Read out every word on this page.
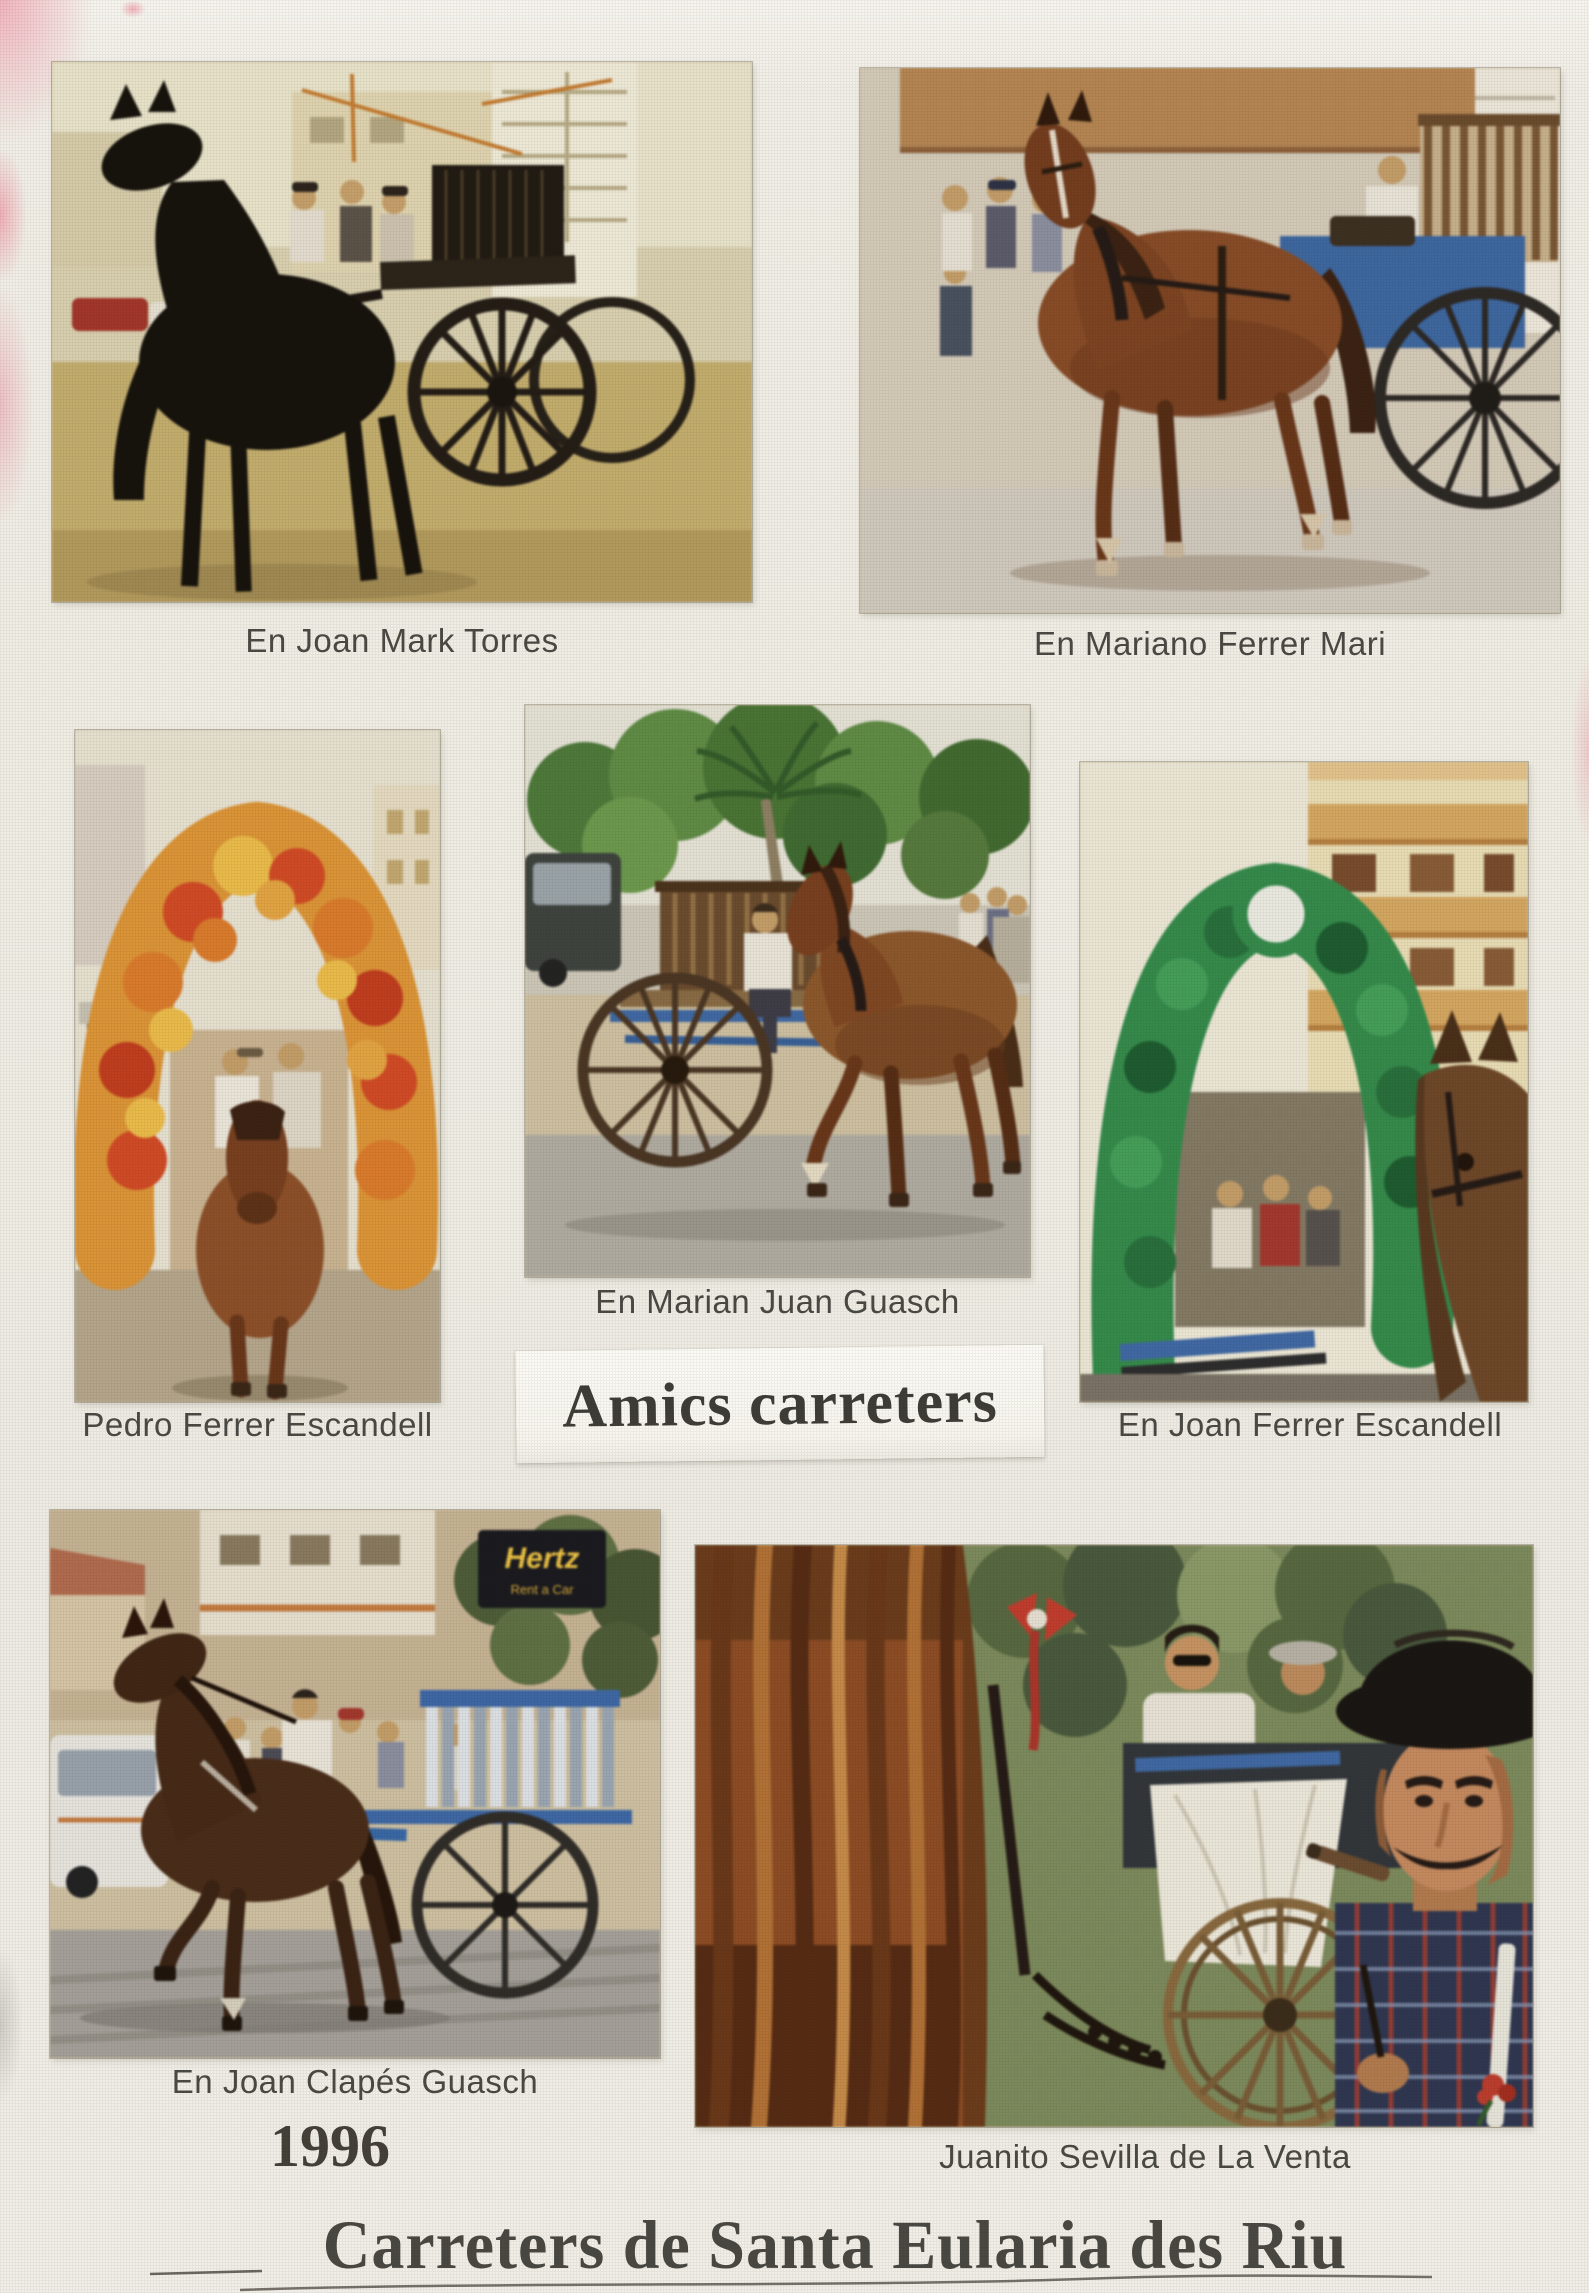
En Joan Mark Torres	En Mariano Ferrer Mari
Pedro Ferrer Escandell
En Marian Juan Guasch
Amics carreters	En Joan Ferrer Escandell
Hertz
Rent a Car
En Joan Clapés Guasch
1996	Juanito Sevilla de La Venta
Carreters de Santa Eularia des Riu
